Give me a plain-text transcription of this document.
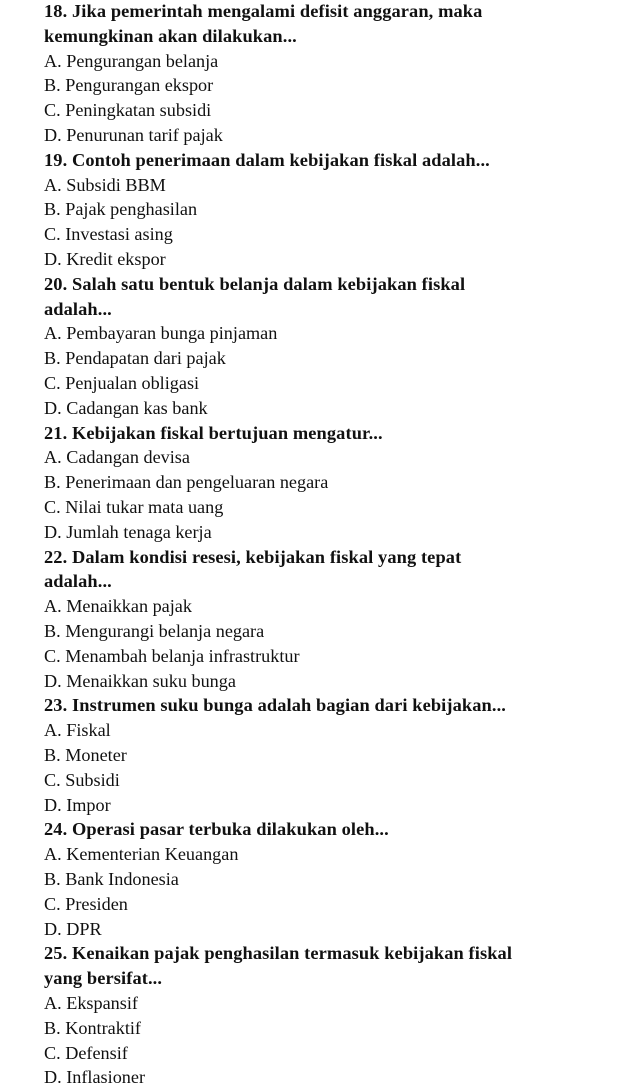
18. Jika pemerintah mengalami defisit anggaran, maka
kemungkinan akan dilakukan...
A. Pengurangan belanja
B. Pengurangan ekspor
C. Peningkatan subsidi
D. Penurunan tarif pajak
19. Contoh penerimaan dalam kebijakan fiskal adalah...
A. Subsidi BBM
B. Pajak penghasilan
C. Investasi asing
D. Kredit ekspor
20. Salah satu bentuk belanja dalam kebijakan fiskal
adalah...
A. Pembayaran bunga pinjaman
B. Pendapatan dari pajak
C. Penjualan obligasi
D. Cadangan kas bank
21. Kebijakan fiskal bertujuan mengatur...
A. Cadangan devisa
B. Penerimaan dan pengeluaran negara
C. Nilai tukar mata uang
D. Jumlah tenaga kerja
22. Dalam kondisi resesi, kebijakan fiskal yang tepat
adalah...
A. Menaikkan pajak
B. Mengurangi belanja negara
C. Menambah belanja infrastruktur
D. Menaikkan suku bunga
23. Instrumen suku bunga adalah bagian dari kebijakan...
A. Fiskal
B. Moneter
C. Subsidi
D. Impor
24. Operasi pasar terbuka dilakukan oleh...
A. Kementerian Keuangan
B. Bank Indonesia
C. Presiden
D. DPR
25. Kenaikan pajak penghasilan termasuk kebijakan fiskal
yang bersifat...
A. Ekspansif
B. Kontraktif
C. Defensif
D. Inflasioner
